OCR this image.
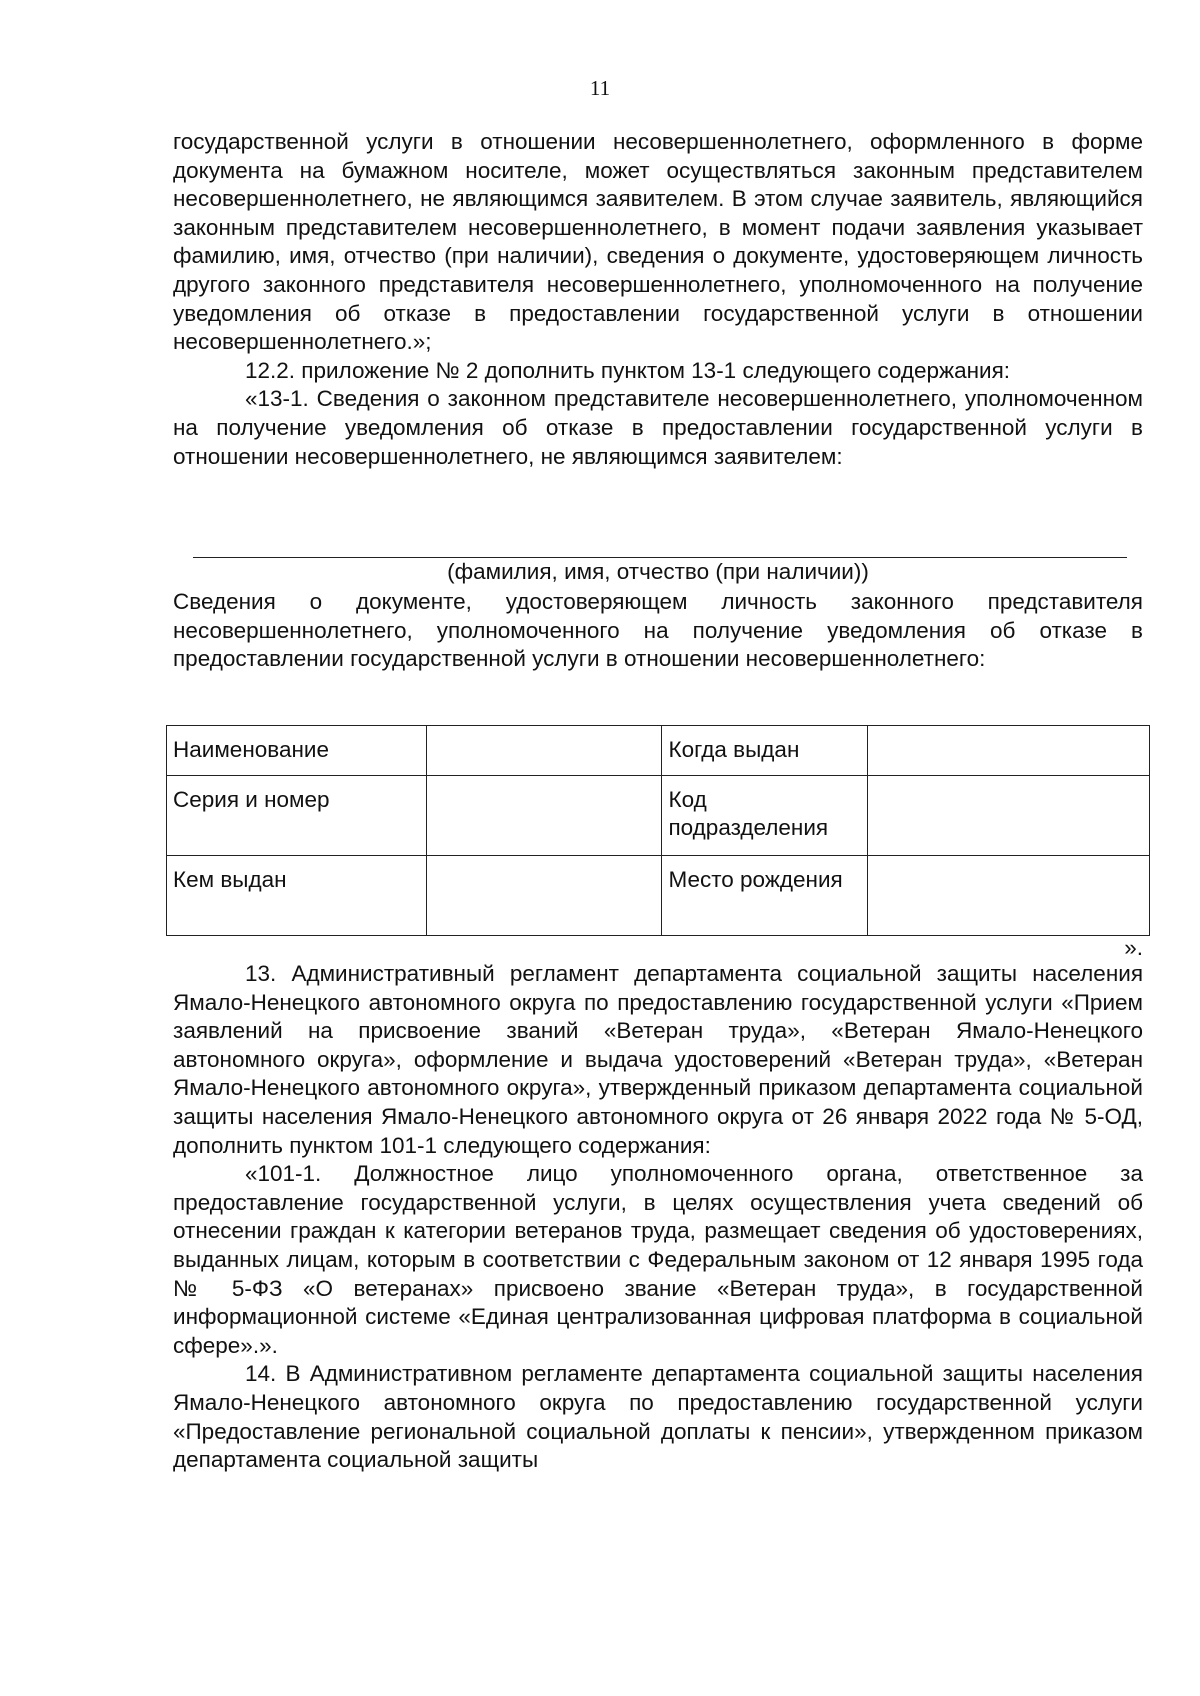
11

государственной услуги в отношении несовершеннолетнего, оформленного в форме документа на бумажном носителе, может осуществляться законным представителем несовершеннолетнего, не являющимся заявителем. В этом случае заявитель, являющийся законным представителем несовершеннолетнего, в момент подачи заявления указывает фамилию, имя, отчество (при наличии), сведения о документе, удостоверяющем личность другого законного представителя несовершеннолетнего, уполномоченного на получение уведомления об отказе в предоставлении государственной услуги в отношении несовершеннолетнего.»;

12.2. приложение № 2 дополнить пунктом 13-1 следующего содержания:

«13-1. Сведения о законном представителе несовершеннолетнего, уполномоченном на получение уведомления об отказе в предоставлении государственной услуги в отношении несовершеннолетнего, не являющимся заявителем:

(фамилия, имя, отчество (при наличии))

Сведения о документе, удостоверяющем личность законного представителя несовершеннолетнего, уполномоченного на получение уведомления об отказе в предоставлении государственной услуги в отношении несовершеннолетнего:

Наименование		Когда выдан	
Серия и номер		Код подразделения	
Кем выдан		Место рождения	
».

13. Административный регламент департамента социальной защиты населения Ямало-Ненецкого автономного округа по предоставлению государственной услуги «Прием заявлений на присвоение званий «Ветеран труда», «Ветеран Ямало-Ненецкого автономного округа», оформление и выдача удостоверений «Ветеран труда», «Ветеран Ямало-Ненецкого автономного округа», утвержденный приказом департамента социальной защиты населения Ямало-Ненецкого автономного округа от 26 января 2022 года № 5-ОД, дополнить пунктом 101-1 следующего содержания:

«101-1. Должностное лицо уполномоченного органа, ответственное за предоставление государственной услуги, в целях осуществления учета сведений об отнесении граждан к категории ветеранов труда, размещает сведения об удостоверениях, выданных лицам, которым в соответствии с Федеральным законом от 12 января 1995 года № 5-ФЗ «О ветеранах» присвоено звание «Ветеран труда», в государственной информационной системе «Единая централизованная цифровая платформа в социальной сфере».».

14. В Административном регламенте департамента социальной защиты населения Ямало-Ненецкого автономного округа по предоставлению государственной услуги «Предоставление региональной социальной доплаты к пенсии», утвержденном приказом департамента социальной защиты
